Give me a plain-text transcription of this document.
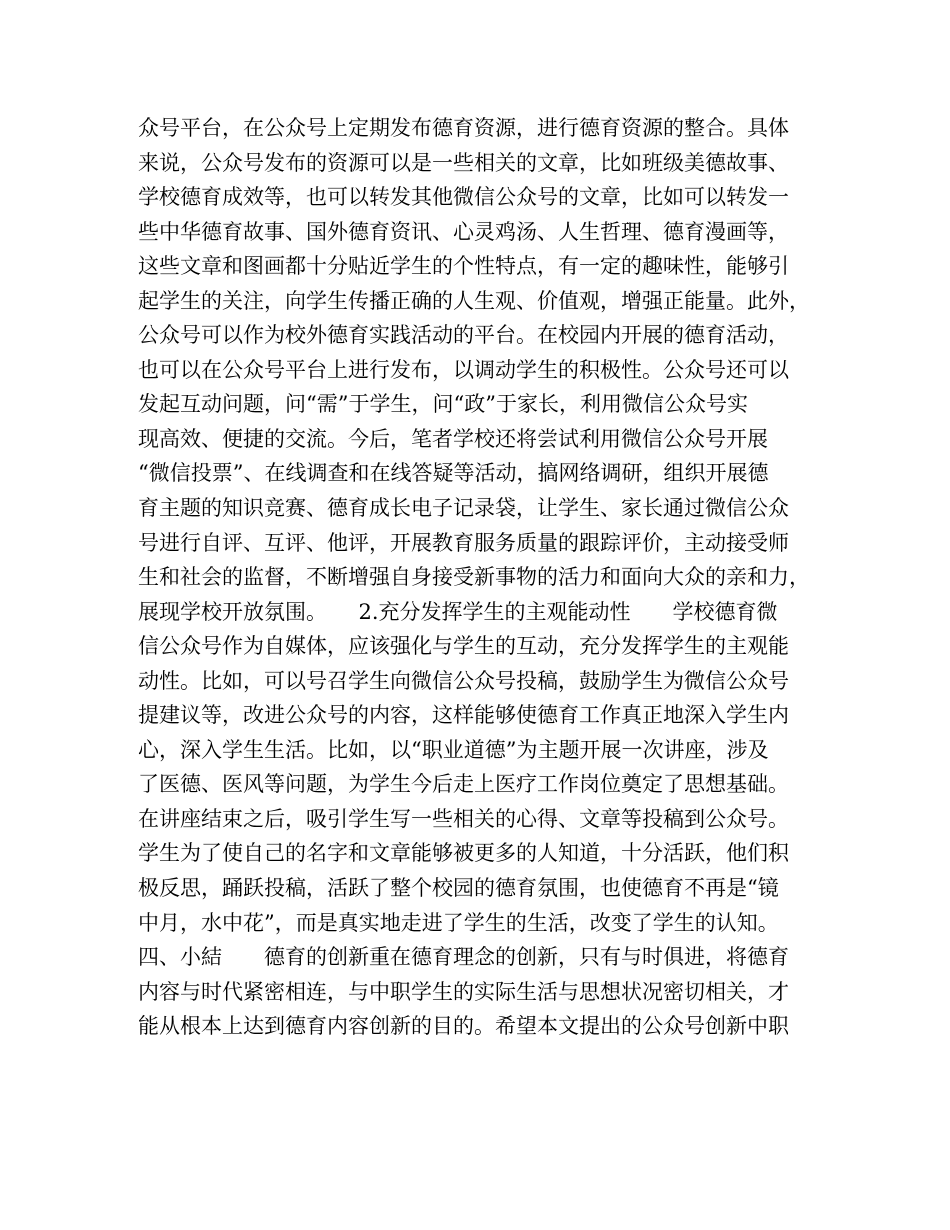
众号平台，在公众号上定期发布德育资源，进行德育资源的整合。具体
来说，公众号发布的资源可以是一些相关的文章，比如班级美德故事、
学校德育成效等，也可以转发其他微信公众号的文章，比如可以转发一
些中华德育故事、国外德育资讯、心灵鸡汤、人生哲理、德育漫画等，
这些文章和图画都十分贴近学生的个性特点，有一定的趣味性，能够引
起学生的关注，向学生传播正确的人生观、价值观，增强正能量。此外，
公众号可以作为校外德育实践活动的平台。在校园内开展的德育活动，
也可以在公众号平台上进行发布，以调动学生的积极性。公众号还可以
发起互动问题，问“需”于学生，问“政”于家长，利用微信公众号实
现高效、便捷的交流。今后，笔者学校还将尝试利用微信公众号开展
“微信投票”、在线调查和在线答疑等活动，搞网络调研，组织开展德
育主题的知识竞赛、德育成长电子记录袋，让学生、家长通过微信公众
号进行自评、互评、他评，开展教育服务质量的跟踪评价，主动接受师
生和社会的监督，不断增强自身接受新事物的活力和面向大众的亲和力，
展现学校开放氛围。　　2.充分发挥学生的主观能动性　　学校德育微
信公众号作为自媒体，应该强化与学生的互动，充分发挥学生的主观能
动性。比如，可以号召学生向微信公众号投稿，鼓励学生为微信公众号
提建议等，改进公众号的内容，这样能够使德育工作真正地深入学生内
心，深入学生生活。比如，以“职业道德”为主题开展一次讲座，涉及
了医德、医风等问题，为学生今后走上医疗工作岗位奠定了思想基础。
在讲座结束之后，吸引学生写一些相关的心得、文章等投稿到公众号。
学生为了使自己的名字和文章能够被更多的人知道，十分活跃，他们积
极反思，踊跃投稿，活跃了整个校园的德育氛围，也使德育不再是“镜
中月，水中花”，而是真实地走进了学生的生活，改变了学生的认知。
四、小結　　德育的创新重在德育理念的创新，只有与时俱进，将德育
内容与时代紧密相连，与中职学生的实际生活与思想状况密切相关，才
能从根本上达到德育内容创新的目的。希望本文提出的公众号创新中职
